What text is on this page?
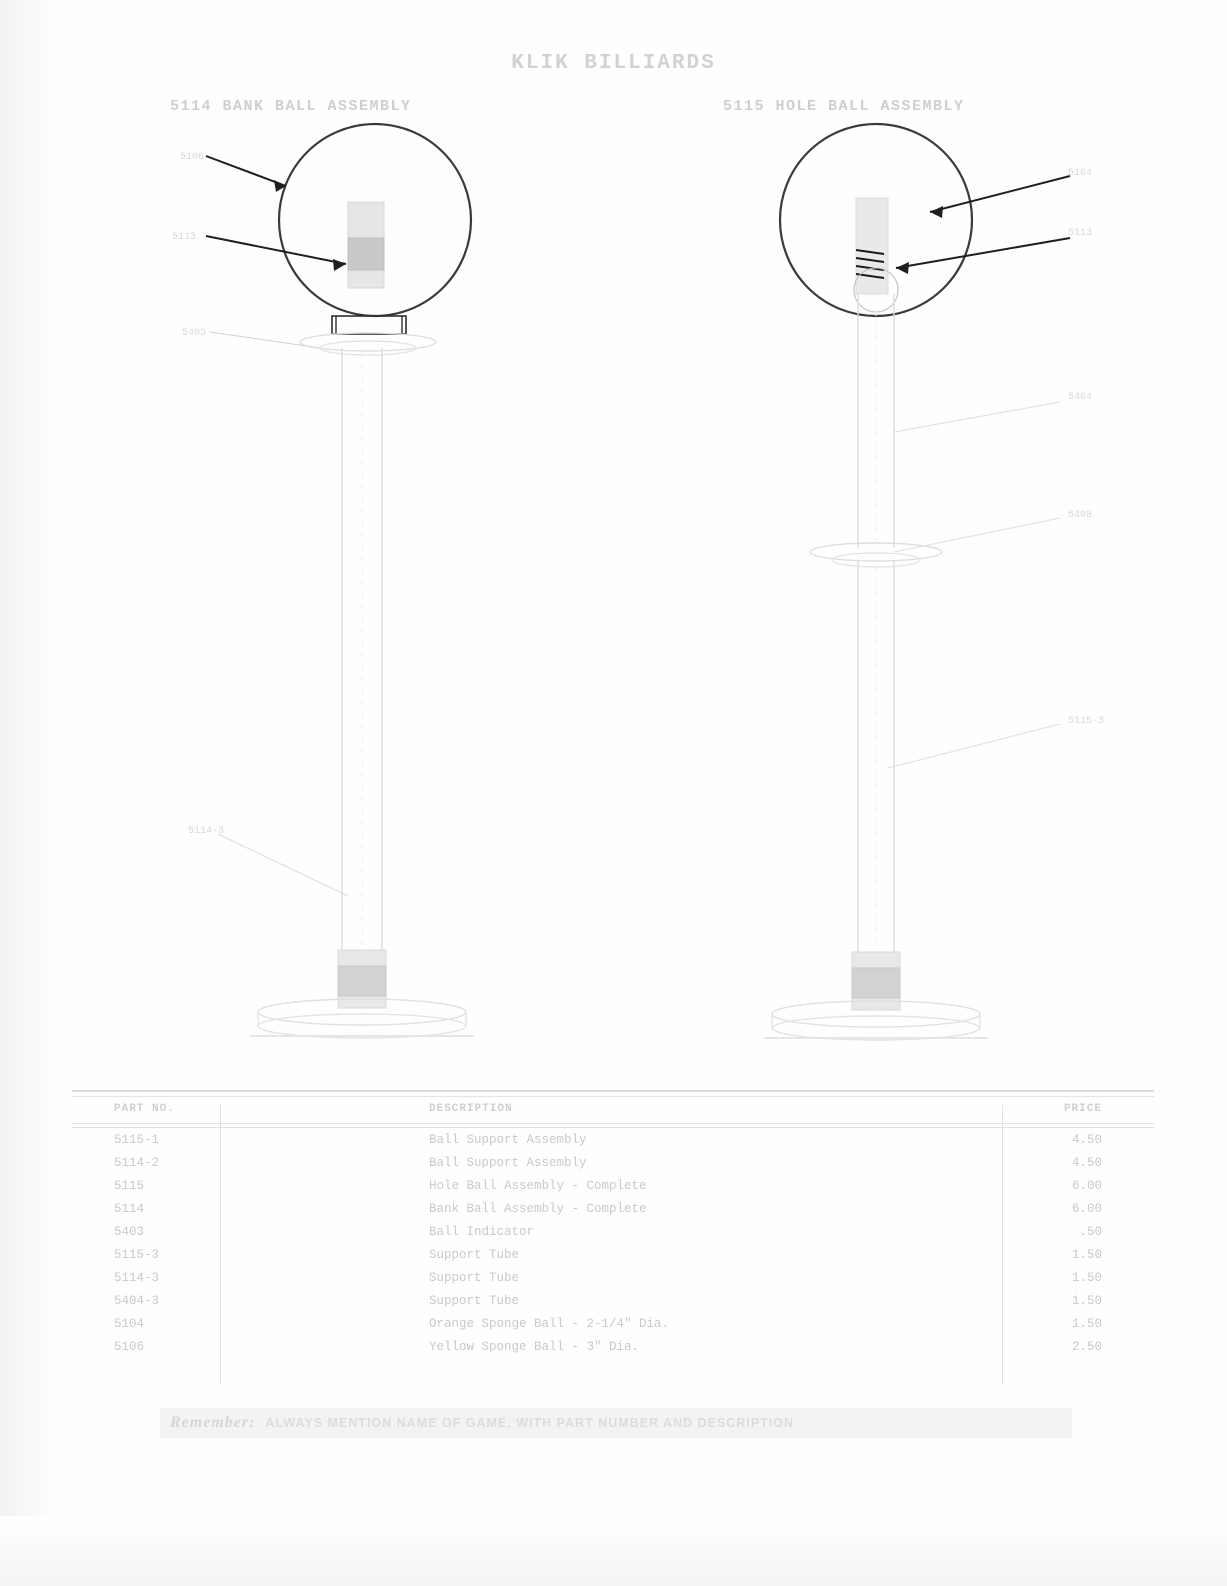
KLIK BILLIARDS
5114 BANK BALL ASSEMBLY	5115 HOLE BALL ASSEMBLY
5106
5113
5403
5114-3
5104
5113
5404
5408
5115-3
PART NO.	DESCRIPTION	PRICE
5115-1	Ball Support Assembly	4.50
5114-2	Ball Support Assembly	4.50
5115	Hole Ball Assembly - Complete	6.00
5114	Bank Ball Assembly - Complete	6.00
5403	Ball Indicator	.50
5115-3	Support Tube	1.50
5114-3	Support Tube	1.50
5404-3	Support Tube	1.50
5104	Orange Sponge Ball - 2-1/4" Dia.	1.50
5106	Yellow Sponge Ball - 3" Dia.	2.50
Remember: ALWAYS MENTION NAME OF GAME, WITH PART NUMBER AND DESCRIPTION
